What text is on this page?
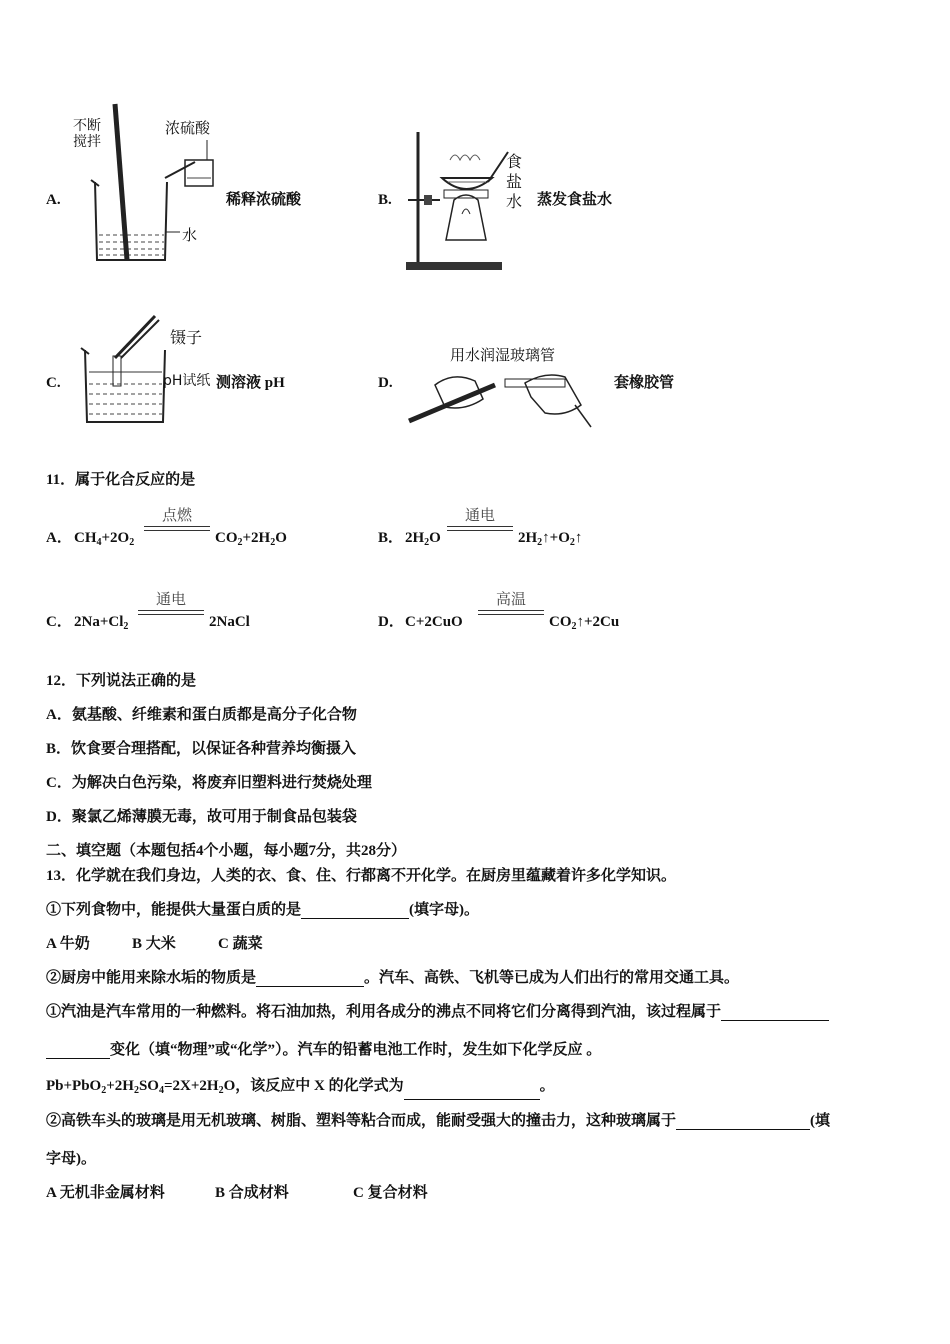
A.
不断
搅拌
浓硫酸
水
稀释浓硫酸	B.
食
盐
水 蒸发食盐水
C.
镊子
pH试纸 测溶液 pH	D.
用水润湿玻璃管
套橡胶管
11．属于化合反应的是
A． $CH_4+2O_2$
点燃
$CO_2+2H_2O$	B． $2H_2O$
通电
$2H_2↑+O_2↑$
C． $2Na+Cl_2$
通电
2NaCl	D． C+2CuO
高温
$CO_2↑+2Cu$
12．下列说法正确的是
A．氨基酸、纤维素和蛋白质都是高分子化合物
B．饮食要合理搭配，以保证各种营养均衡摄入
C．为解决白色污染，将废弃旧塑料进行焚烧处理
D．聚氯乙烯薄膜无毒，故可用于制食品包装袋
二、填空题（本题包括4个小题，每小题7分，共28分）
13．化学就在我们身边，人类的衣、食、住、行都离不开化学。在厨房里蕴藏着许多化学知识。
①下列食物中，能提供大量蛋白质的是	(填字母)。
A 牛奶	B 大米	C 蔬菜
②厨房中能用来除水垢的物质是	。汽车、高铁、飞机等已成为人们出行的常用交通工具。
①汽油是汽车常用的一种燃料。将石油加热，利用各成分的沸点不同将它们分离得到汽油，该过程属于
变化（填“物理”或“化学”）。汽车的铅蓄电池工作时，发生如下化学反应 。
$Pb+PbO_2+2H_2SO_4=2X+2H_2O$，该反应中 X 的化学式为	。
②高铁车头的玻璃是用无机玻璃、树脂、塑料等粘合而成，能耐受强大的撞击力，这种玻璃属于	(填
字母)。
A 无机非金属材料	B 合成材料	C 复合材料
